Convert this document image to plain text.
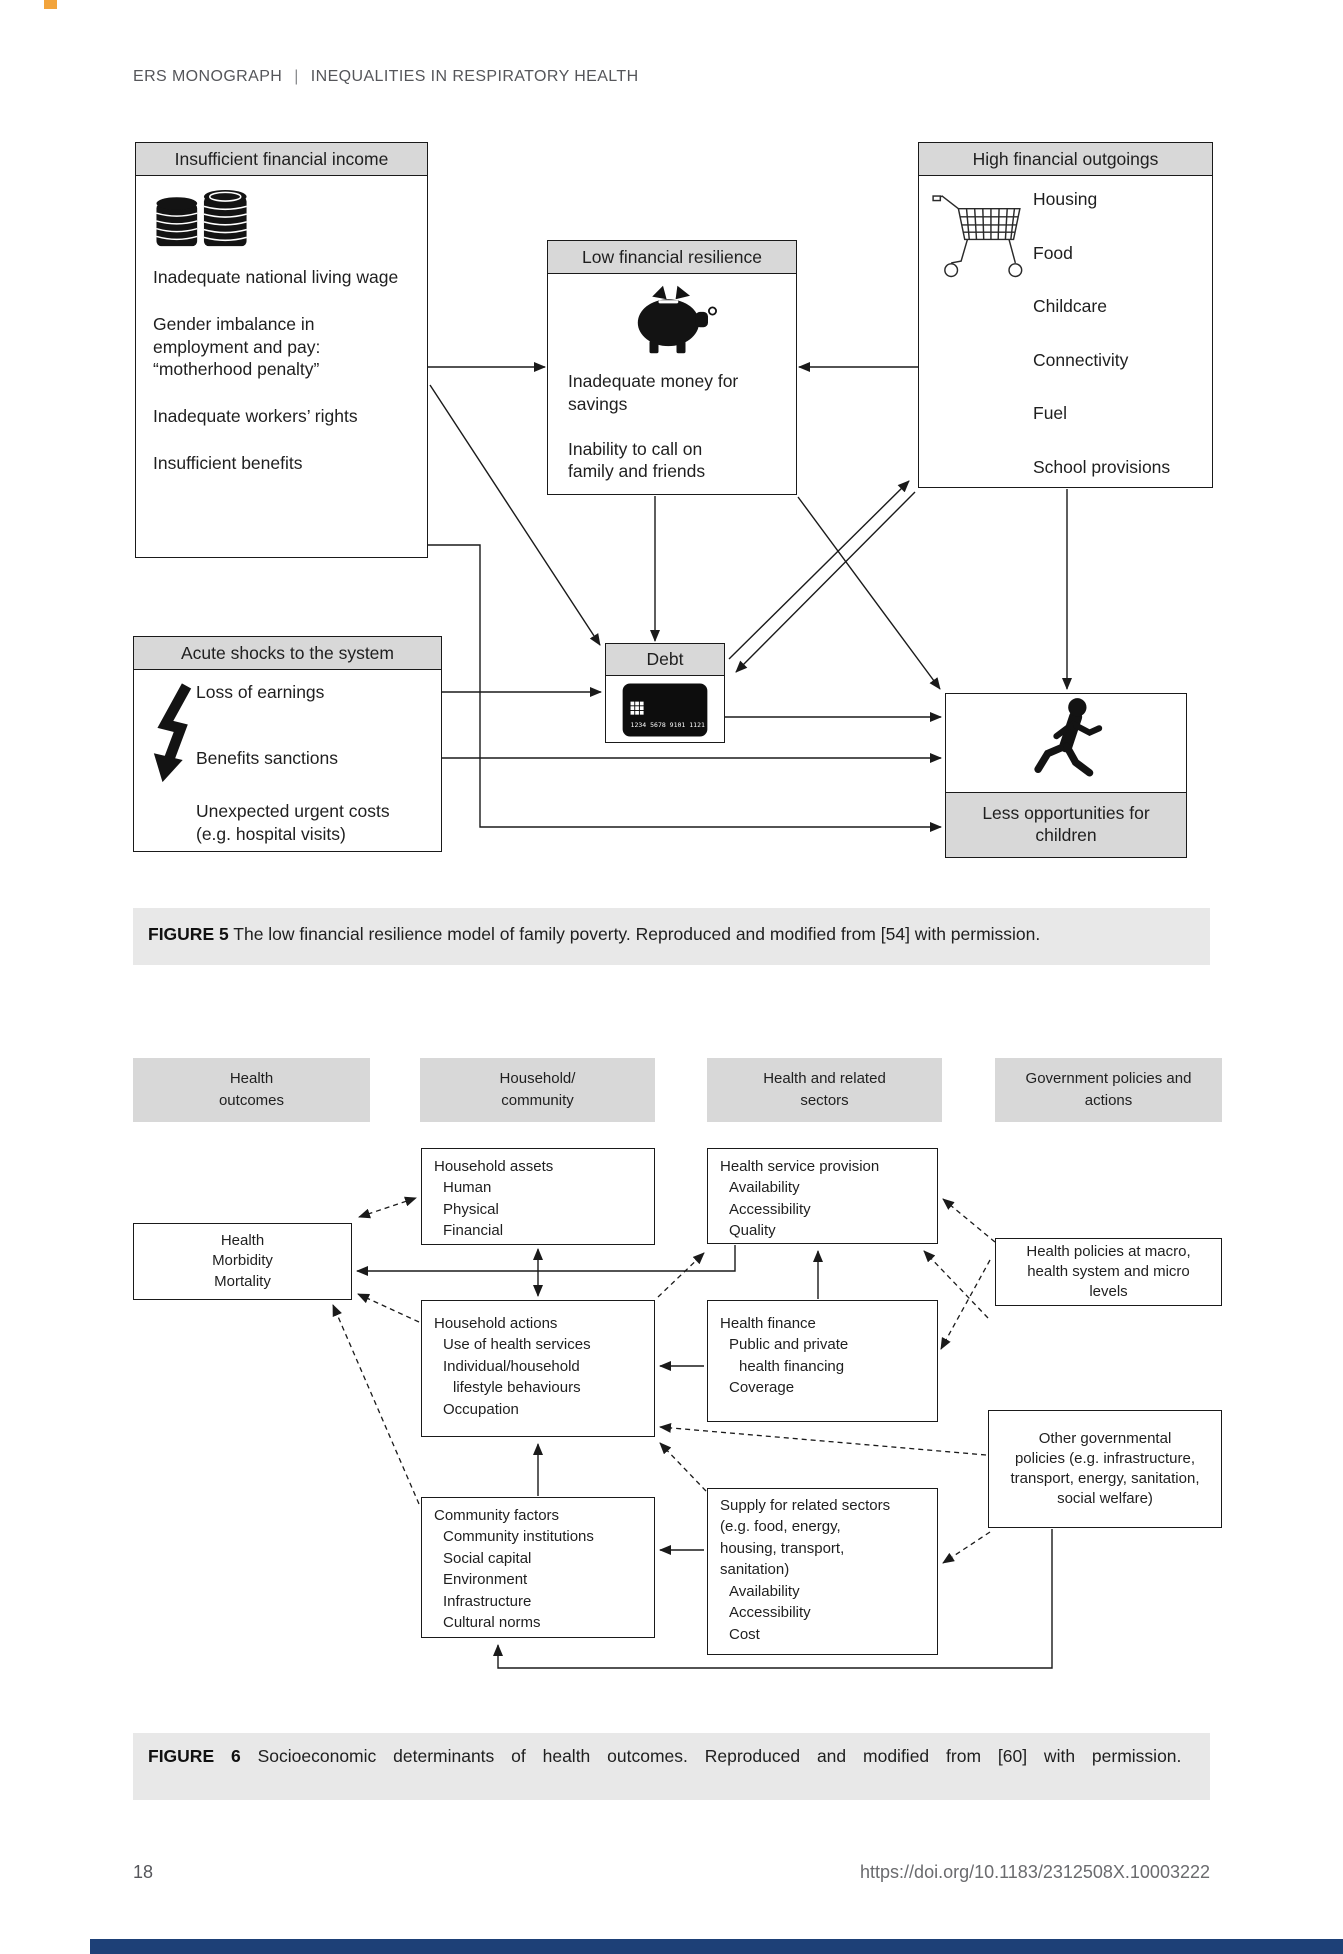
ERS MONOGRAPH | INEQUALITIES IN RESPIRATORY HEALTH
Insufficient financial income

Inadequate national living wage

Gender imbalance in employment and pay: “motherhood penalty”

Inadequate workers’ rights

Insufficient benefits

Low financial resilience

Inadequate money for savings

Inability to call on family and friends

High financial outgoings
Housing
Food
Childcare
Connectivity
Fuel
School provisions
Acute shocks to the system
Loss of earnings
Benefits sanctions
Unexpected urgent costs (e.g. hospital visits)
Debt
1234 5678 9101 1121
Less opportunities for children
FIGURE 5 The low financial resilience model of family poverty. Reproduced and modified from [54] with permission.
Health
outcomes
Household/
community
Health and related
sectors
Government policies and
actions
Health
Morbidity
Mortality
Household assets
Human
Physical
Financial
Health service provision
Availability
Accessibility
Quality
Household actions
Use of health services
Individual/household
lifestyle behaviours
Occupation
Health finance
Public and private
health financing
Coverage
Community factors
Community institutions
Social capital
Environment
Infrastructure
Cultural norms
Supply for related sectors
(e.g. food, energy,
housing, transport,
sanitation)
Availability
Accessibility
Cost
Health policies at macro,
health system and micro
levels
Other governmental
policies (e.g. infrastructure,
transport, energy, sanitation,
social welfare)
FIGURE 6 Socioeconomic determinants of health outcomes. Reproduced and modified from [60] with permission.
18	https://doi.org/10.1183/2312508X.10003222
